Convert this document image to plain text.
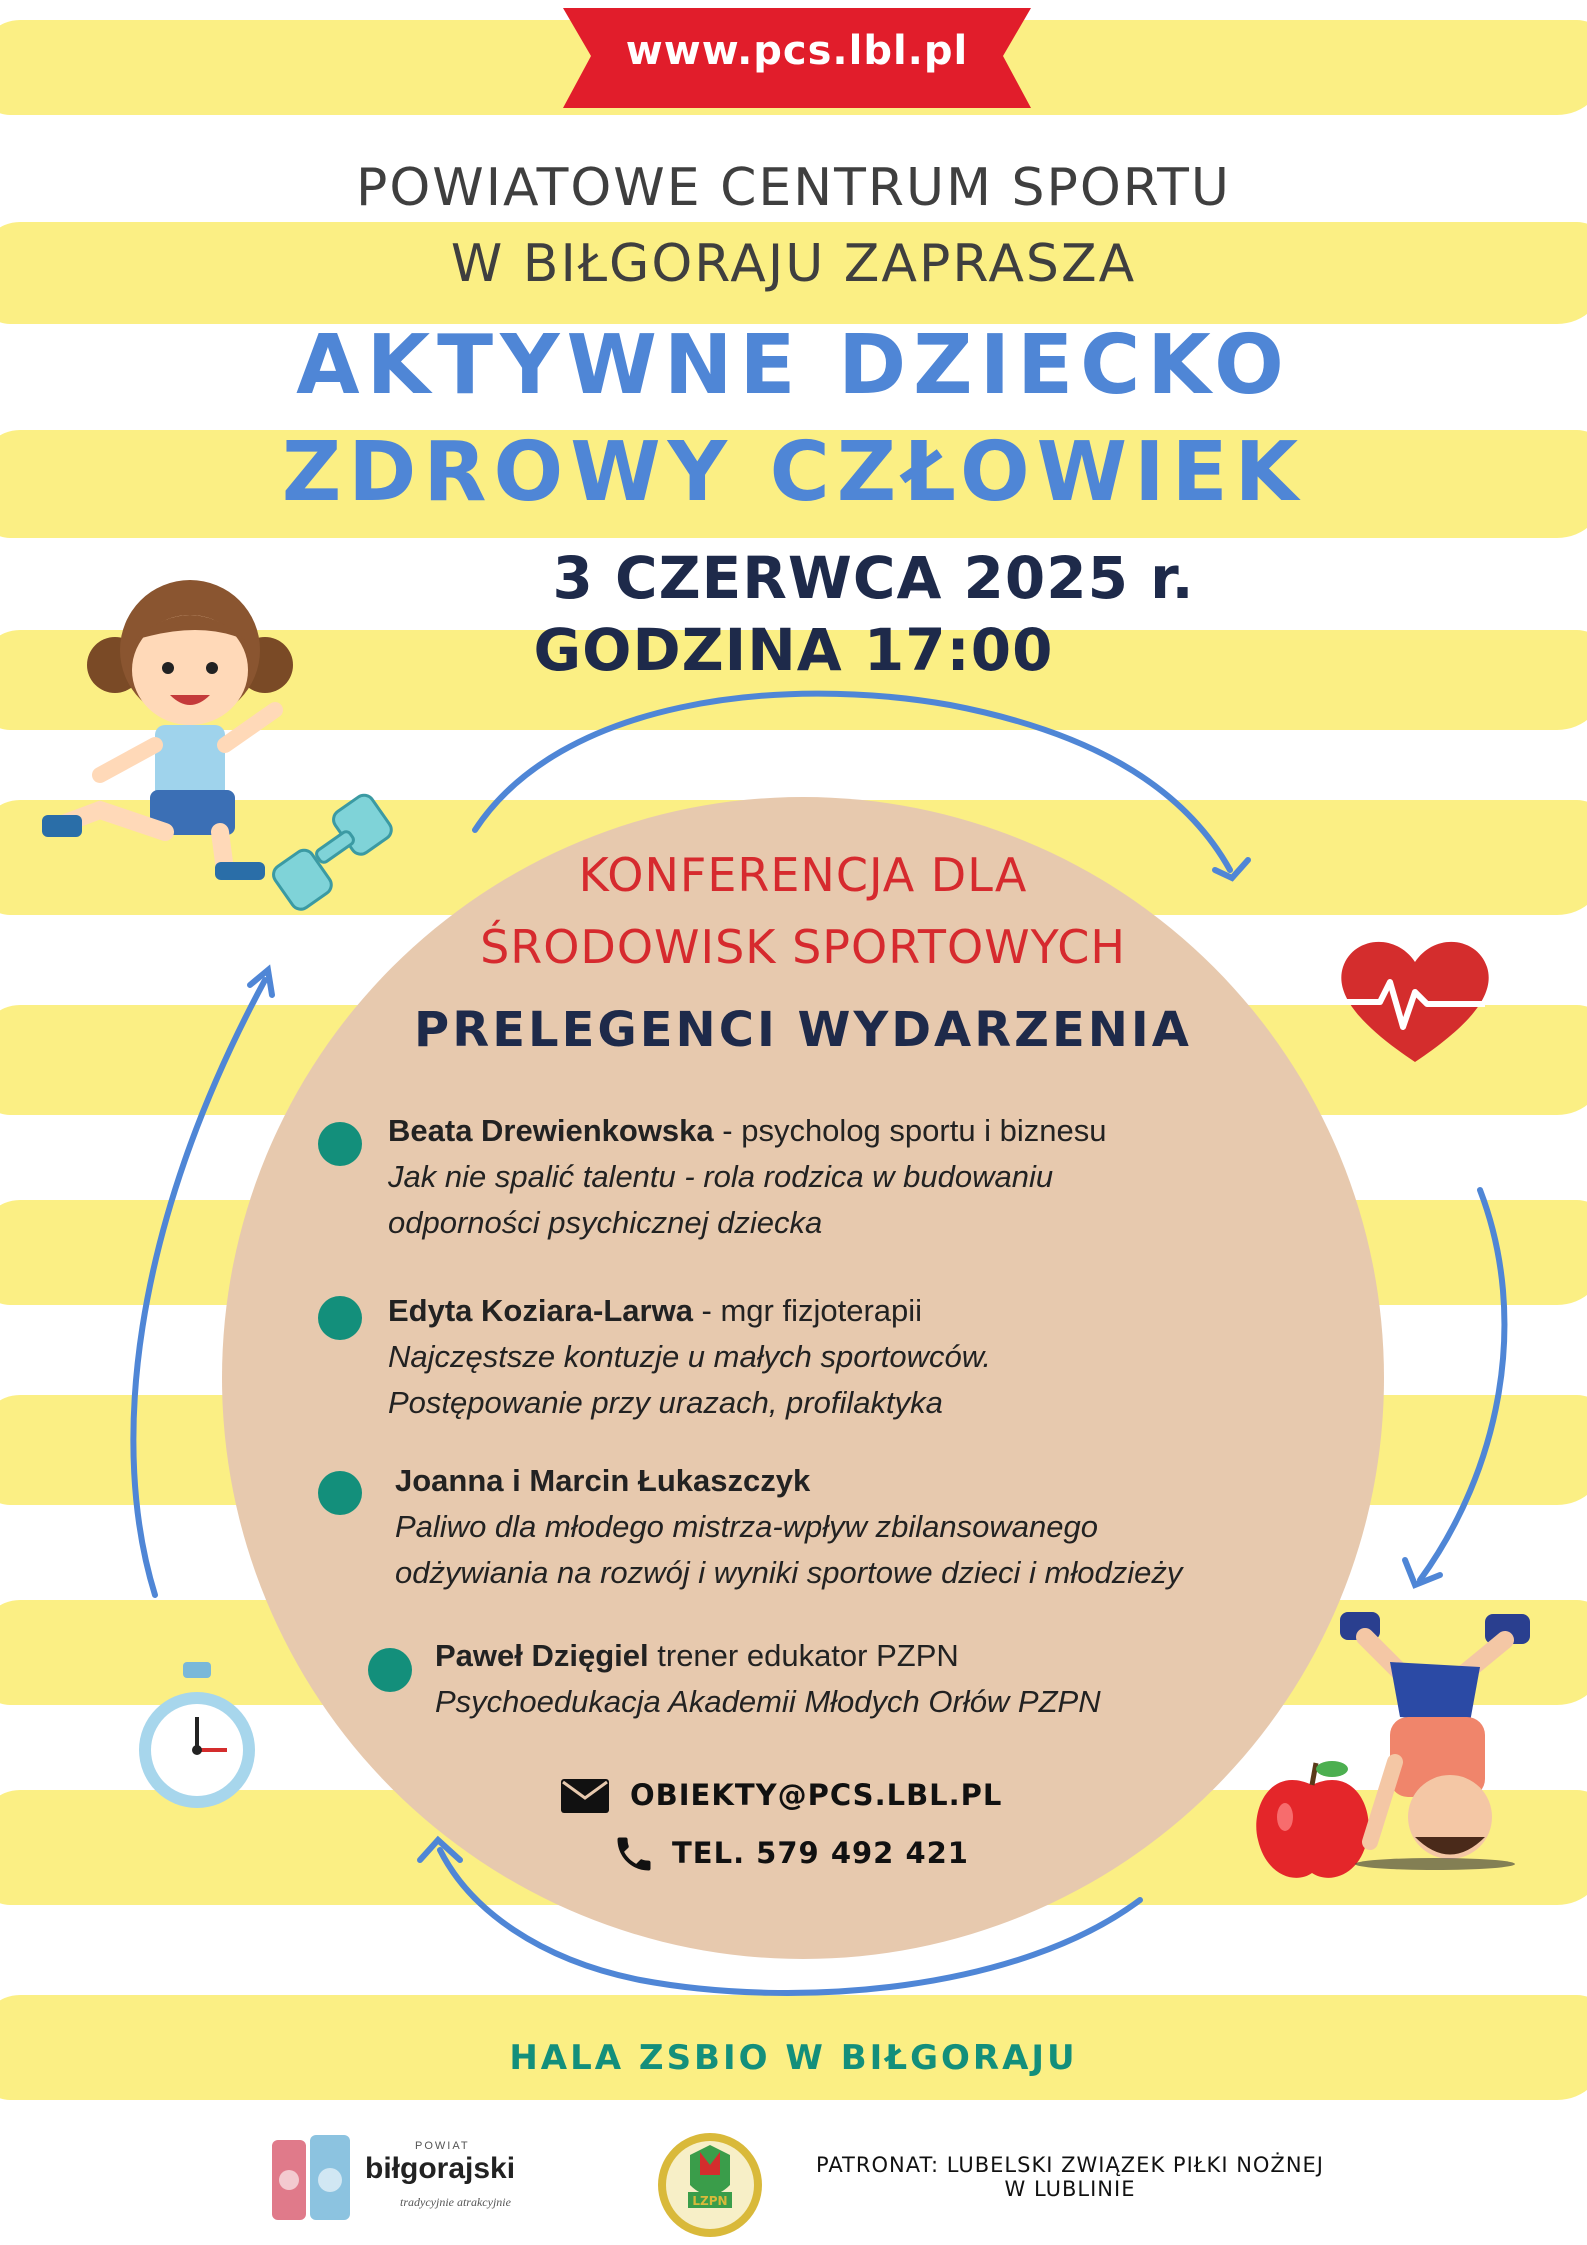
www.pcs.lbl.pl
POWIATOWE CENTRUM SPORTU
W BIŁGORAJU ZAPRASZA
AKTYWNE DZIECKO
ZDROWY CZŁOWIEK
3 CZERWCA 2025 r.
GODZINA 17:00
KONFERENCJA DLA
ŚRODOWISK SPORTOWYCH
PRELEGENCI WYDARZENIA
Beata Drewienkowska - psycholog sportu i biznesu
Jak nie spalić talentu - rola rodzica w budowaniu
odporności psychicznej dziecka
Edyta Koziara-Larwa - mgr fizjoterapii
Najczęstsze kontuzje u małych sportowców.
Postępowanie przy urazach, profilaktyka
Joanna i Marcin Łukaszczyk
Paliwo dla młodego mistrza-wpływ zbilansowanego
odżywiania na rozwój i wyniki sportowe dzieci i młodzieży
Paweł Dzięgiel trener edukator PZPN
Psychoedukacja Akademii Młodych Orłów PZPN
OBIEKTY@PCS.LBL.PL
TEL. 579 492 421
HALA ZSBIO W BIŁGORAJU
POWIAT
biłgorajski
tradycyjnie atrakcyjnie	LZPN
PATRONAT: LUBELSKI ZWIĄZEK PIŁKI NOŻNEJ
W LUBLINIE
